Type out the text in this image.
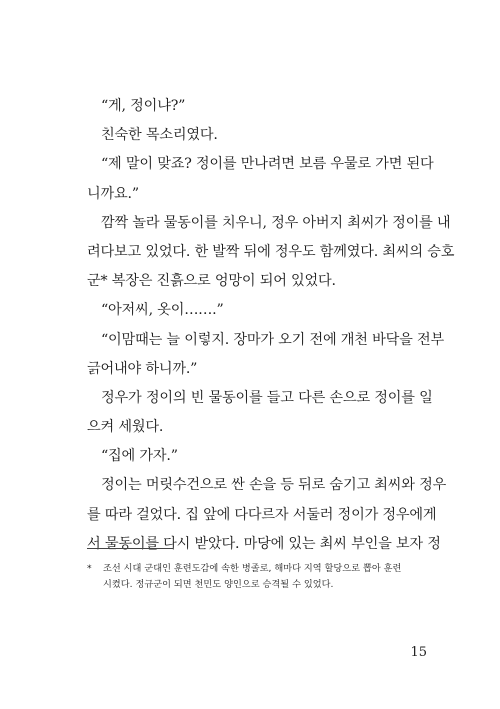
“게, 정이냐?”
친숙한 목소리였다.
“제 말이 맞죠? 정이를 만나려면 보름 우물로 가면 된다
니까요.”
깜짝 놀라 물동이를 치우니, 정우 아버지 최씨가 정이를 내
려다보고 있었다. 한 발짝 뒤에 정우도 함께였다. 최씨의 승호
군* 복장은 진흙으로 엉망이 되어 있었다.
“아저씨, 옷이…….”
“이맘때는 늘 이렇지. 장마가 오기 전에 개천 바닥을 전부
긁어내야 하니까.”
정우가 정이의 빈 물동이를 들고 다른 손으로 정이를 일
으켜 세웠다.
“집에 가자.”
정이는 머릿수건으로 싼 손을 등 뒤로 숨기고 최씨와 정우
를 따라 걸었다. 집 앞에 다다르자 서둘러 정이가 정우에게
서 물동이를 다시 받았다. 마당에 있는 최씨 부인을 보자 정
* 조선 시대 군대인 훈련도감에 속한 병졸로, 해마다 지역 할당으로 뽑아 훈련
시켰다. 정규군이 되면 천민도 양인으로 승격될 수 있었다.
15
